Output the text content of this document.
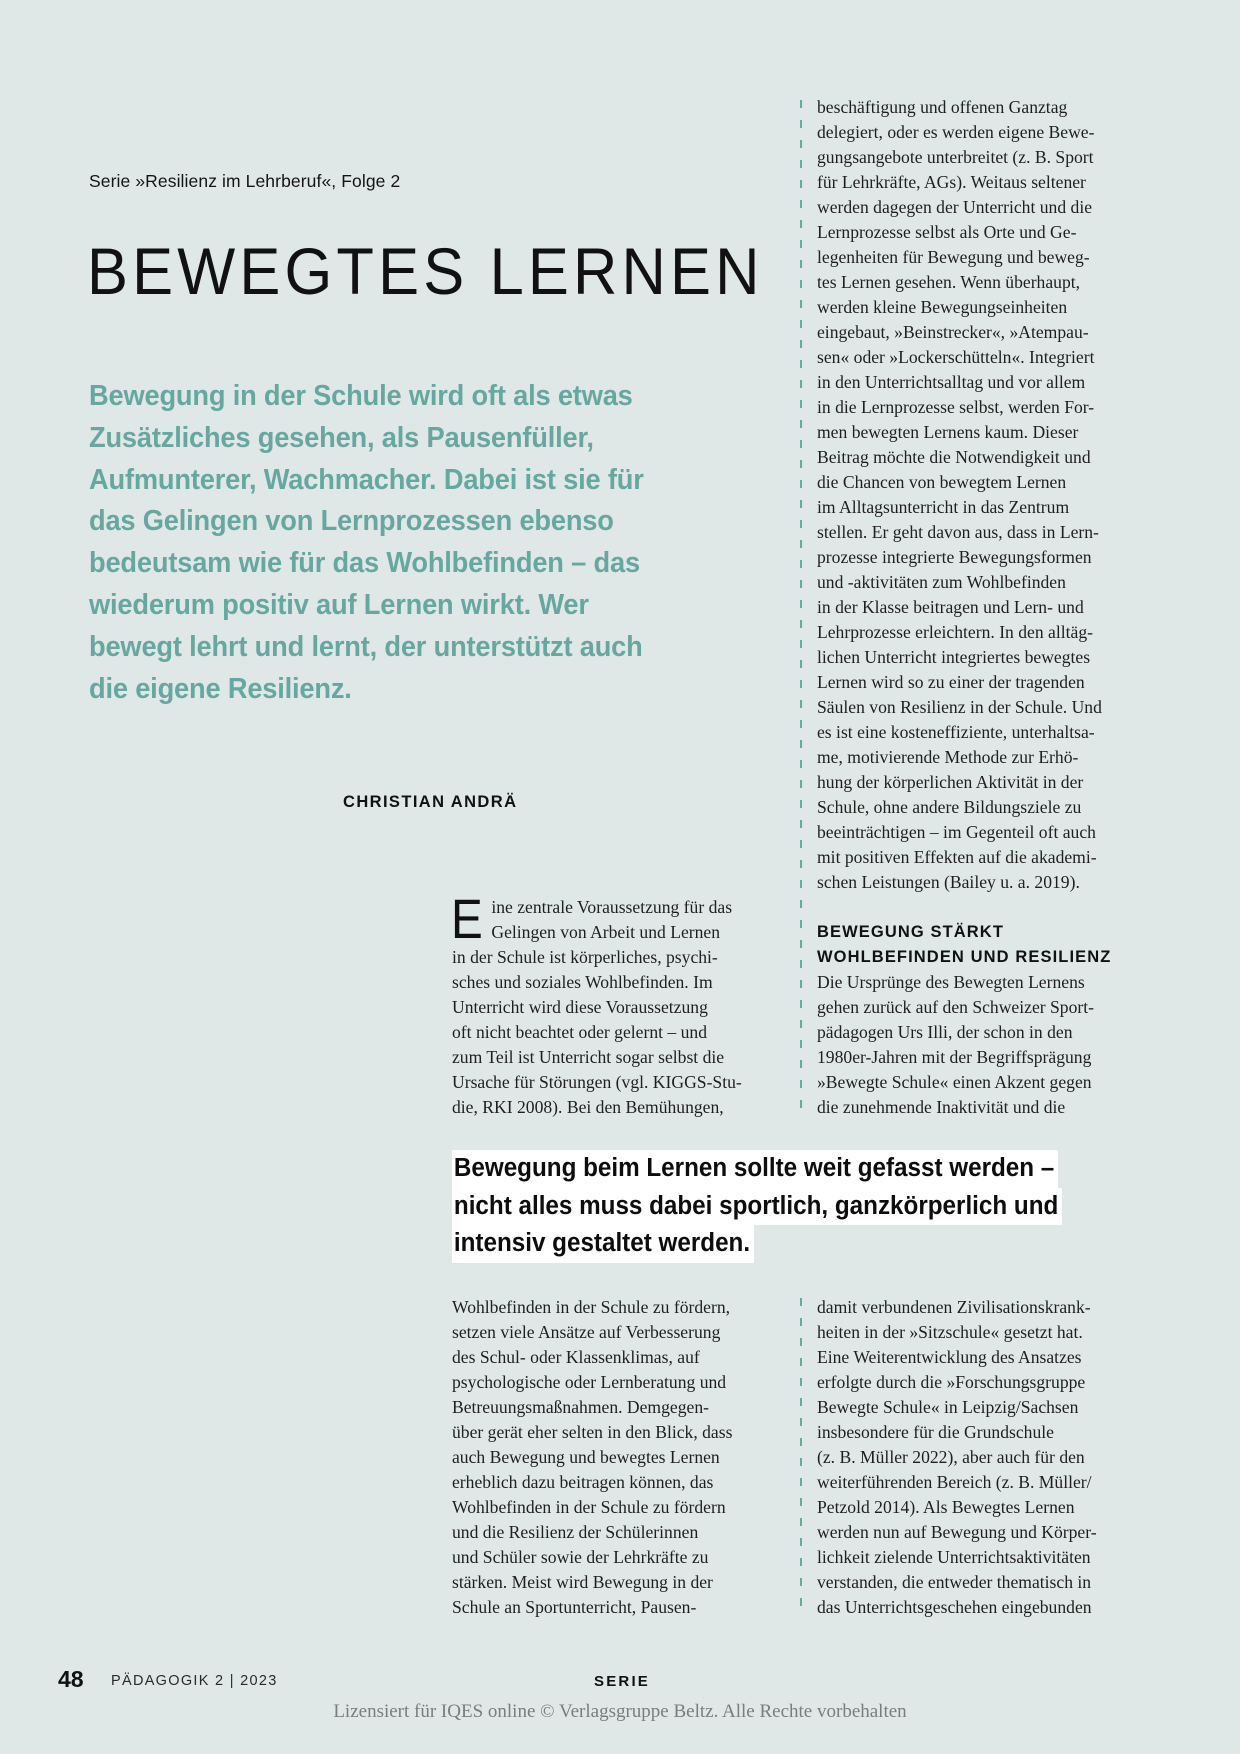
Serie »Resilienz im Lehrberuf«, Folge 2
BEWEGTES LERNEN
Bewegung in der Schule wird oft als etwas
Zusätzliches gesehen, als Pausenfüller,
Aufmunterer, Wachmacher. Dabei ist sie für
das Gelingen von Lernprozessen ebenso
bedeutsam wie für das Wohlbefinden – das
wiederum positiv auf Lernen wirkt. Wer
bewegt lehrt und lernt, der unterstützt auch
die eigene Resilienz.
CHRISTIAN ANDRÄ
beschäftigung und offenen Ganztag
delegiert, oder es werden eigene Bewe-
gungsangebote unterbreitet (z. B. Sport
für Lehrkräfte, AGs). Weitaus seltener
werden dagegen der Unterricht und die
Lernprozesse selbst als Orte und Ge-
legenheiten für Bewegung und beweg-
tes Lernen gesehen. Wenn überhaupt,
werden kleine Bewegungseinheiten
eingebaut, »Beinstrecker«, »Atempau-
sen« oder »Lockerschütteln«. Integriert
in den Unterrichtsalltag und vor allem
in die Lernprozesse selbst, werden For-
men bewegten Lernens kaum. Dieser
Beitrag möchte die Notwendigkeit und
die Chancen von bewegtem Lernen
im Alltagsunterricht in das Zentrum
stellen. Er geht davon aus, dass in Lern-
prozesse integrierte Bewegungsformen
und -aktivitäten zum Wohlbefinden
in der Klasse beitragen und Lern- und
Lehrprozesse erleichtern. In den alltäg-
lichen Unterricht integriertes bewegtes
Lernen wird so zu einer der tragenden
Säulen von Resilienz in der Schule. Und
es ist eine kosteneffiziente, unterhaltsa-
me, motivierende Methode zur Erhö-
hung der körperlichen Aktivität in der
Schule, ohne andere Bildungsziele zu
beeinträchtigen – im Gegenteil oft auch
mit positiven Effekten auf die akademi-
schen Leistungen (Bailey u. a. 2019).
BEWEGUNG STÄRKT
WOHLBEFINDEN UND RESILIENZ
Die Ursprünge des Bewegten Lernens
gehen zurück auf den Schweizer Sport-
pädagogen Urs Illi, der schon in den
1980er-Jahren mit der Begriffsprägung
»Bewegte Schule« einen Akzent gegen
die zunehmende Inaktivität und die
E ine zentrale Voraussetzung für das
Gelingen von Arbeit und Lernen
in der Schule ist körperliches, psychi-
sches und soziales Wohlbefinden. Im
Unterricht wird diese Voraussetzung
oft nicht beachtet oder gelernt – und
zum Teil ist Unterricht sogar selbst die
Ursache für Störungen (vgl. KIGGS-Stu-
die, RKI 2008). Bei den Bemühungen,
Bewegung beim Lernen sollte weit gefasst werden –
nicht alles muss dabei sportlich, ganzkörperlich und
intensiv gestaltet werden.
Wohlbefinden in der Schule zu fördern,
setzen viele Ansätze auf Verbesserung
des Schul- oder Klassenklimas, auf
psychologische oder Lernberatung und
Betreuungsmaßnahmen. Demgegen-
über gerät eher selten in den Blick, dass
auch Bewegung und bewegtes Lernen
erheblich dazu beitragen können, das
Wohlbefinden in der Schule zu fördern
und die Resilienz der Schülerinnen
und Schüler sowie der Lehrkräfte zu
stärken. Meist wird Bewegung in der
Schule an Sportunterricht, Pausen-
damit verbundenen Zivilisationskrank-
heiten in der »Sitzschule« gesetzt hat.
Eine Weiterentwicklung des Ansatzes
erfolgte durch die »Forschungsgruppe
Bewegte Schule« in Leipzig/Sachsen
insbesondere für die Grundschule
(z. B. Müller 2022), aber auch für den
weiterführenden Bereich (z. B. Müller/
Petzold 2014). Als Bewegtes Lernen
werden nun auf Bewegung und Körper-
lichkeit zielende Unterrichtsaktivitäten
verstanden, die entweder thematisch in
das Unterrichtsgeschehen eingebunden
48 PÄDAGOGIK 2 | 2023	SERIE
Lizensiert für IQES online © Verlagsgruppe Beltz. Alle Rechte vorbehalten
